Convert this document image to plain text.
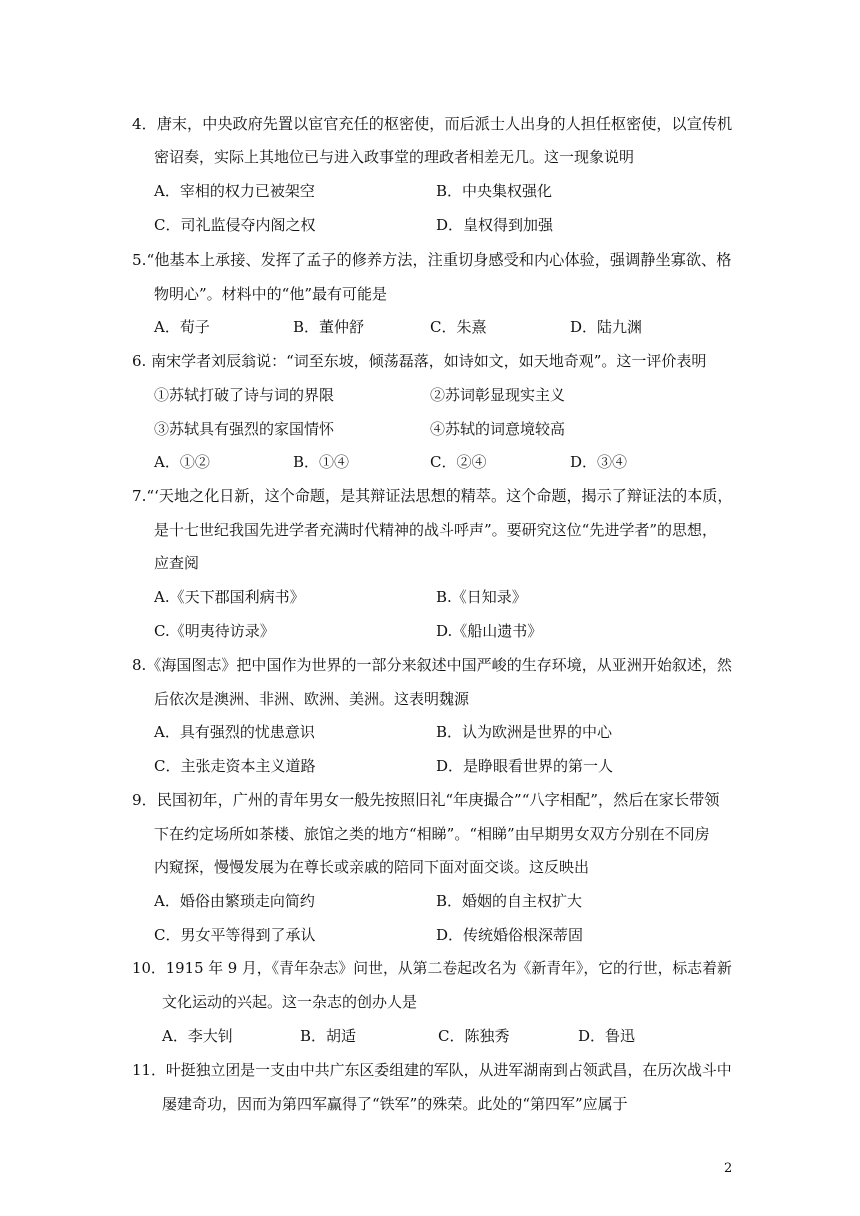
4．唐末，中央政府先置以宦官充任的枢密使，而后派士人出身的人担任枢密使，以宣传机
密诏奏，实际上其地位已与进入政事堂的理政者相差无几。这一现象说明
A．宰相的权力已被架空	B．中央集权强化
C．司礼监侵夺内阁之权	D．皇权得到加强
5.“他基本上承接、发挥了孟子的修养方法，注重切身感受和内心体验，强调静坐寡欲、格
物明心”。材料中的“他”最有可能是
A．荀子	B．董仲舒	C．朱熹	D．陆九渊
6. 南宋学者刘辰翁说：“词至东坡，倾荡磊落，如诗如文，如天地奇观”。这一评价表明
①苏轼打破了诗与词的界限	②苏词彰显现实主义
③苏轼具有强烈的家国情怀	④苏轼的词意境较高
A．①②	B．①④	C．②④	D．③④
7.“‘天地之化日新，这个命题，是其辩证法思想的精萃。这个命题，揭示了辩证法的本质，
是十七世纪我国先进学者充满时代精神的战斗呼声”。要研究这位“先进学者”的思想，
应查阅
A.《天下郡国利病书》	B.《日知录》
C.《明夷待访录》	D.《船山遗书》
8.《海国图志》把中国作为世界的一部分来叙述中国严峻的生存环境，从亚洲开始叙述，然
后依次是澳洲、非洲、欧洲、美洲。这表明魏源
A．具有强烈的忧患意识	B．认为欧洲是世界的中心
C．主张走资本主义道路	D．是睁眼看世界的第一人
9．民国初年，广州的青年男女一般先按照旧礼“年庚撮合”“八字相配”，然后在家长带领
下在约定场所如茶楼、旅馆之类的地方“相睇”。“相睇”由早期男女双方分别在不同房
内窥探，慢慢发展为在尊长或亲戚的陪同下面对面交谈。这反映出
A．婚俗由繁琐走向简约	B．婚姻的自主权扩大
C．男女平等得到了承认	D．传统婚俗根深蒂固
10．1915 年 9 月，《青年杂志》问世，从第二卷起改名为《新青年》，它的行世，标志着新
文化运动的兴起。这一杂志的创办人是
A．李大钊	B．胡适	C．陈独秀	D．鲁迅
11．叶挺独立团是一支由中共广东区委组建的军队，从进军湖南到占领武昌，在历次战斗中
屡建奇功，因而为第四军赢得了“铁军”的殊荣。此处的“第四军”应属于
2
